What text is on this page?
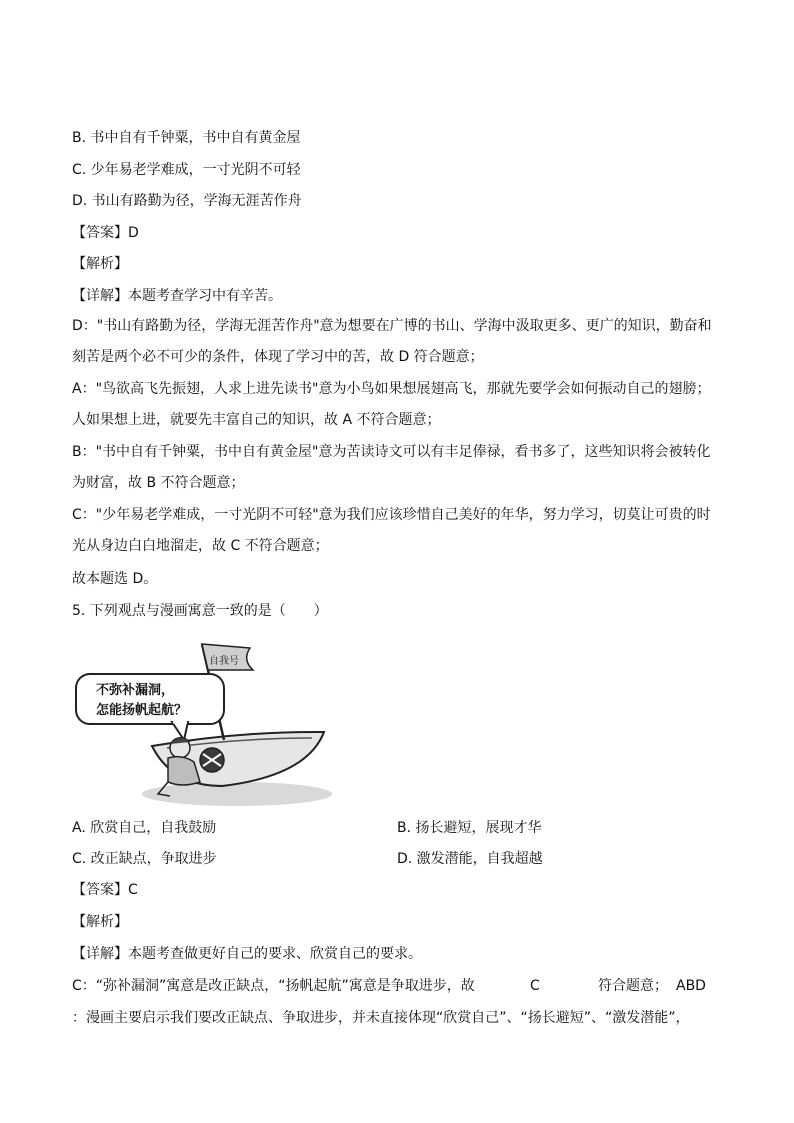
B. 书中自有千钟粟，书中自有黄金屋
C. 少年易老学难成，一寸光阴不可轻
D. 书山有路勤为径，学海无涯苦作舟
【答案】D
【解析】
【详解】本题考查学习中有辛苦。
D："书山有路勤为径，学海无涯苦作舟"意为想要在广博的书山、学海中汲取更多、更广的知识，勤奋和刻苦是两个必不可少的条件，体现了学习中的苦，故 D 符合题意；
A："鸟欲高飞先振翅，人求上进先读书"意为小鸟如果想展翅高飞，那就先要学会如何振动自己的翅膀；人如果想上进，就要先丰富自己的知识，故 A 不符合题意；
B："书中自有千钟粟，书中自有黄金屋"意为苦读诗文可以有丰足俸禄，看书多了，这些知识将会被转化为财富，故 B 不符合题意；
C："少年易老学难成，一寸光阴不可轻"意为我们应该珍惜自己美好的年华，努力学习，切莫让可贵的时光从身边白白地溜走，故 C 不符合题意；
故本题选 D。
5. 下列观点与漫画寓意一致的是（　　）
自我号
不弥补漏洞，
怎能扬帆起航？
A. 欣赏自己，自我鼓励	B. 扬长避短，展现才华
C. 改正缺点，争取进步	D. 激发潜能，自我超越
【答案】C
【解析】
【详解】本题考查做更好自己的要求、欣赏自己的要求。
C：“弥补漏洞”寓意是改正缺点，“扬帆起航”寓意是争取进步，故	C	符合题意； ABD
：漫画主要启示我们要改正缺点、争取进步，并未直接体现“欣赏自己”、“扬长避短”、“激发潜能”，
